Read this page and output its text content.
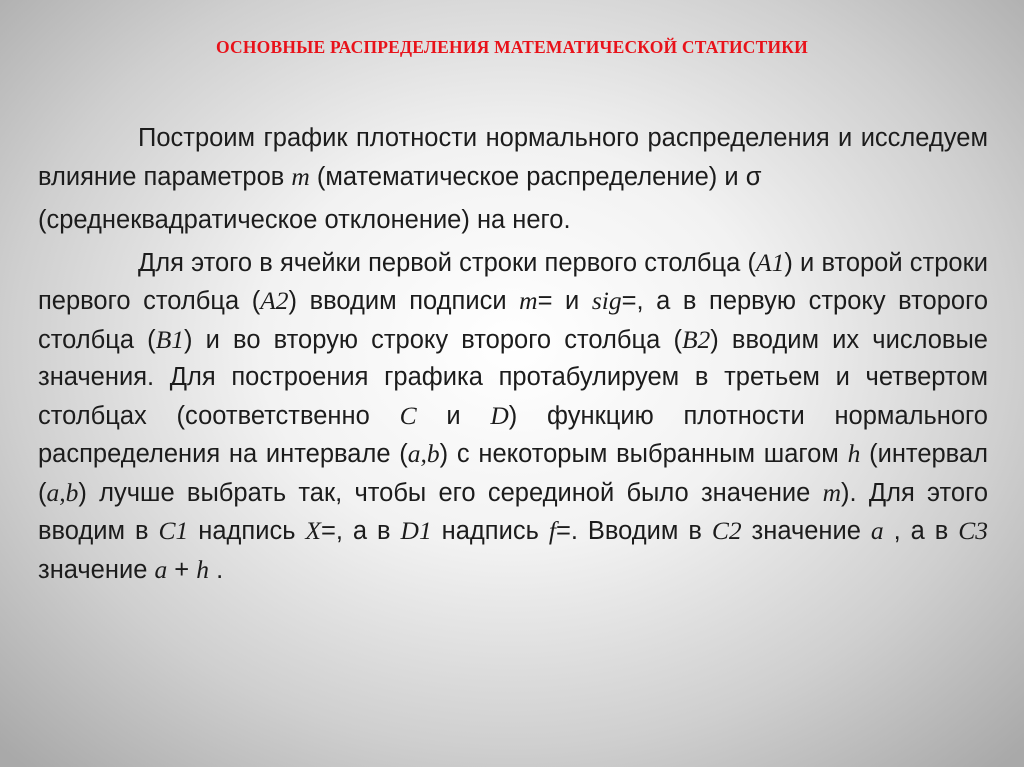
ОСНОВНЫЕ РАСПРЕДЕЛЕНИЯ МАТЕМАТИЧЕСКОЙ СТАТИСТИКИ

Построим график плотности нормального распределения и исследуем влияние параметров m (математическое распределение) и σ
(среднеквадратическое отклонение) на него.

Для этого в ячейки первой строки первого столбца (А1) и второй строки первого столбца (А2) вводим подписи m= и sig=, а в первую строку второго столбца (В1) и во вторую строку второго столбца (В2) вводим их числовые значения. Для построения графика протабулируем в третьем и четвертом столбцах (соответственно С и D) функцию плотности нормального распределения на интервале (a,b) с некоторым выбранным шагом h (интервал (a,b) лучше выбрать так, чтобы его серединой было значение m). Для этого вводим в С1 надпись X=, а в D1 надпись f=. Вводим в С2 значение a , а в С3 значение a + h .
